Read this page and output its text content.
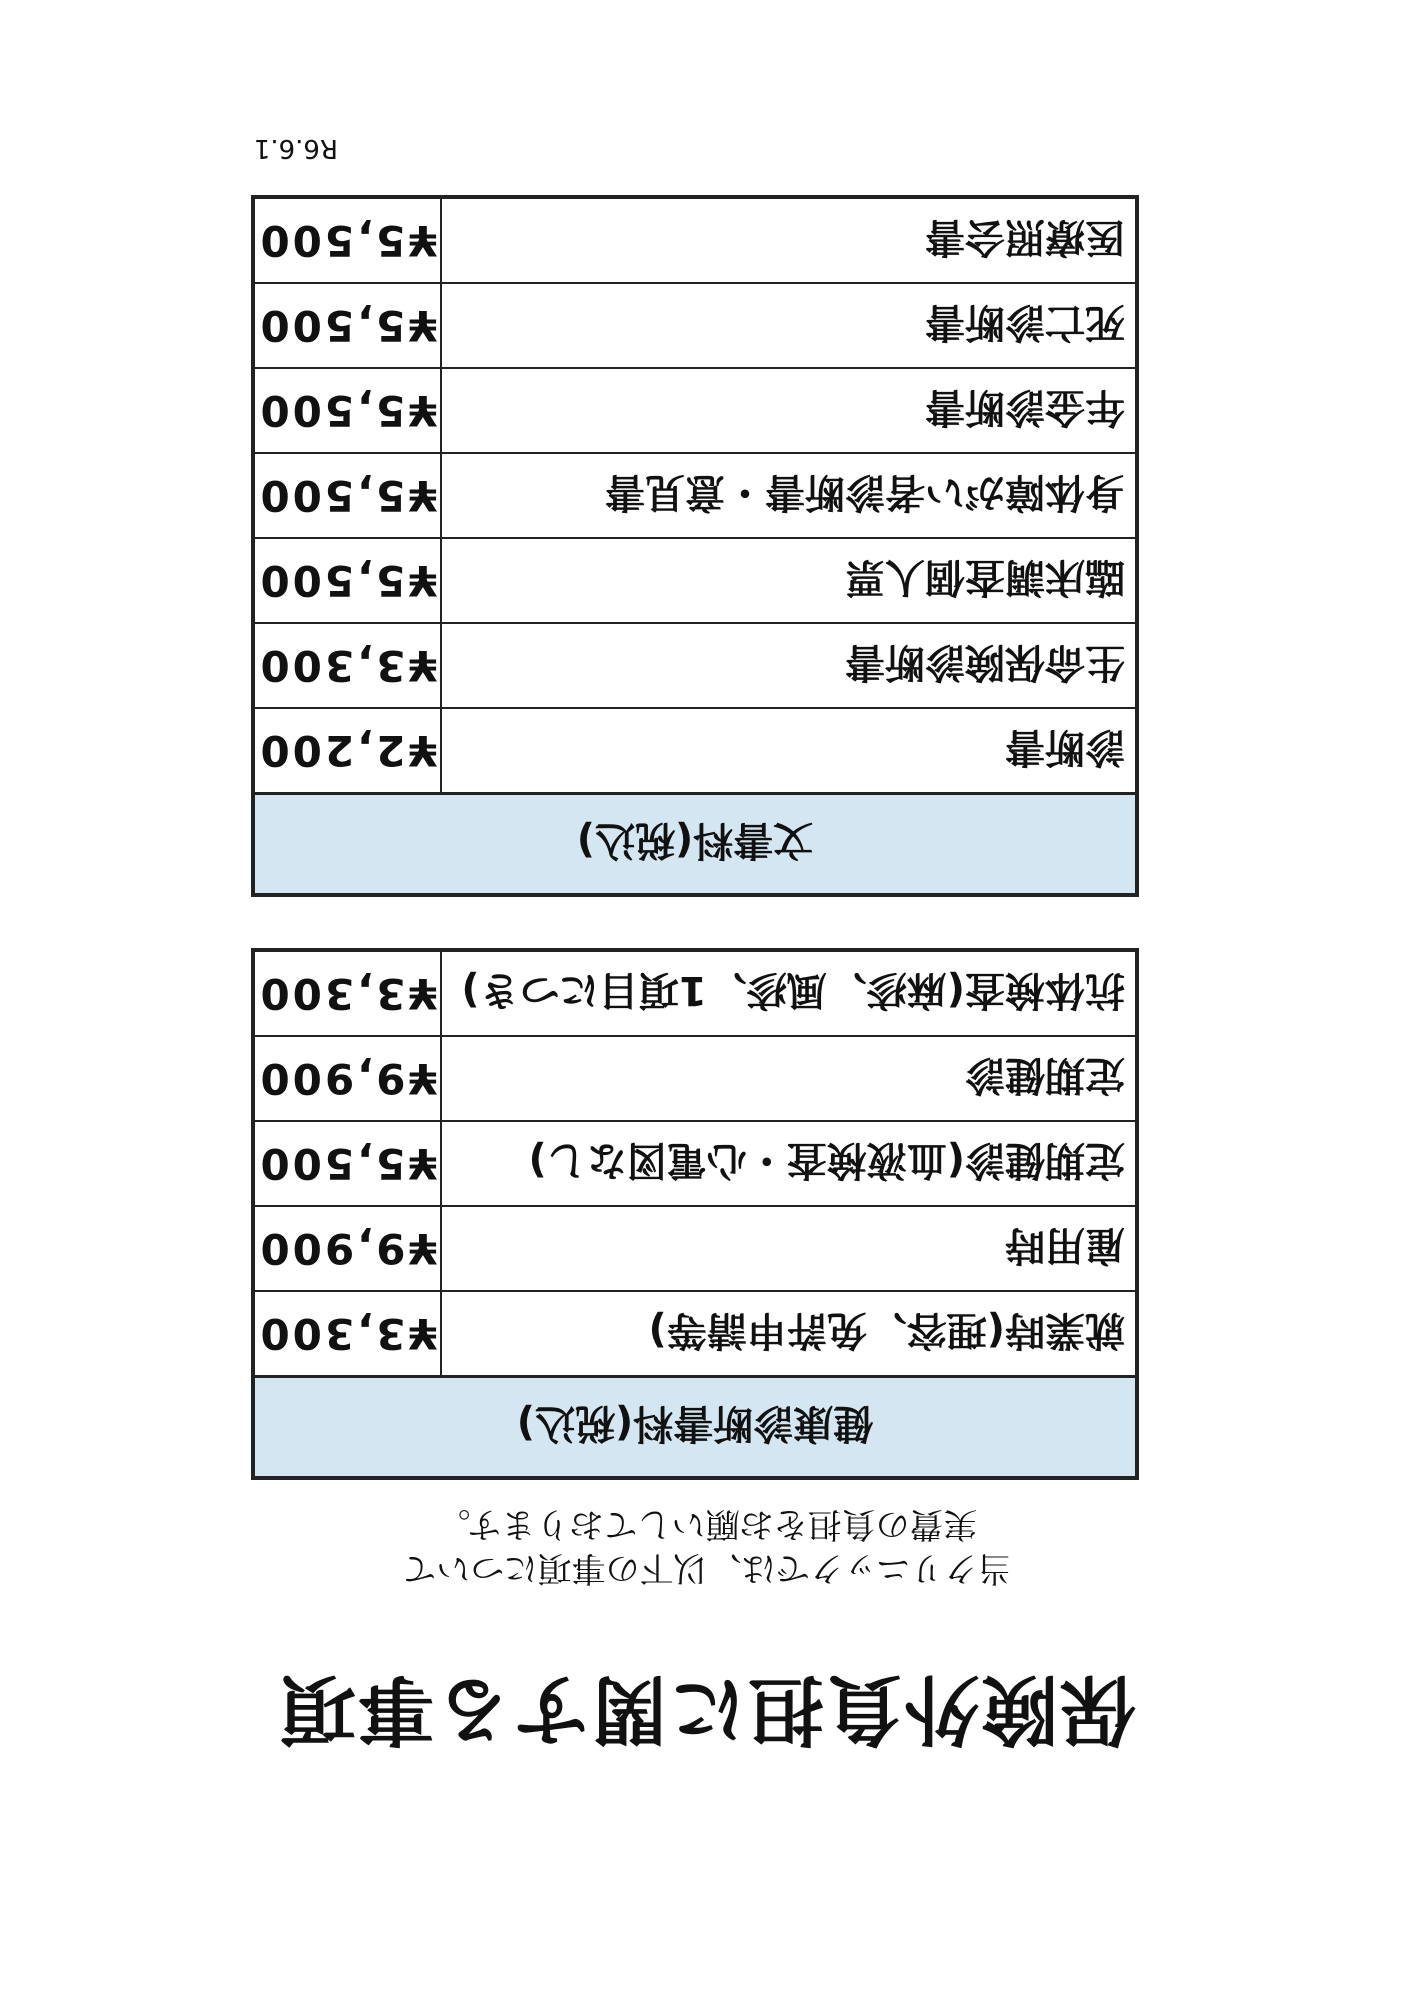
保険外負担に関する事項
当クリニックでは、以下の事項について
実費の負担をお願いしております。
健康診断書料(税込)	
就業時(理容、免許申請等)	¥3,300
雇用時	¥9,900
定期健診(血液検査・心電図なし)	¥5,500
定期健診	¥9,900
抗体検査(麻疹、風疹、1項目につき)	¥3,300
文書料(税込)	
診断書	¥2,200
生命保険診断書	¥3,300
臨床調査個人票	¥5,500
身体障がい者診断書・意見書	¥5,500
年金診断書	¥5,500
死亡診断書	¥5,500
医療照会書	¥5,500
R6.6.1
